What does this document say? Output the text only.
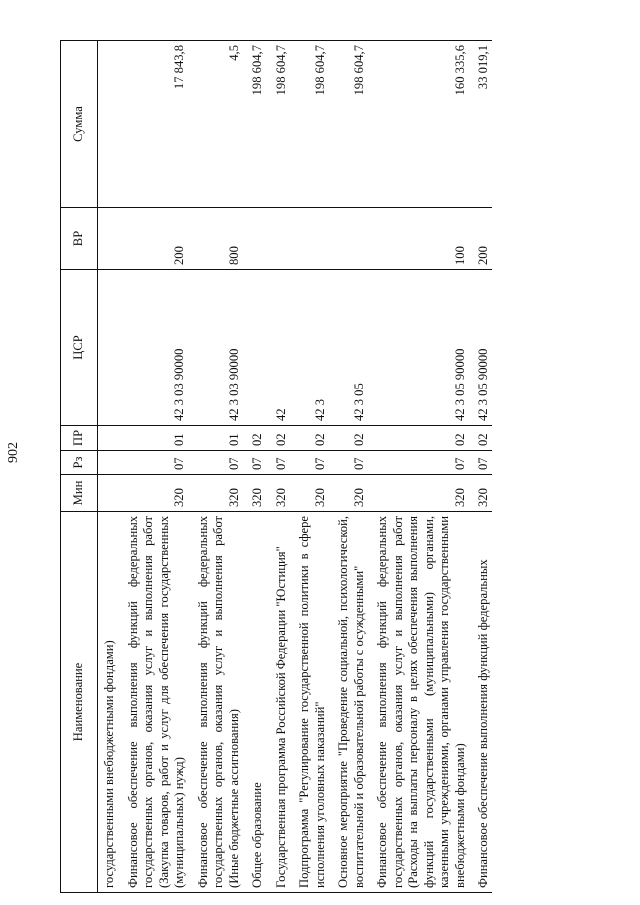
902
Наименование	Мин	Рз	ПР	ЦСР	ВР	Сумма
государственными внебюджетными фондами)						
Финансовое обеспечение выполнения функций федеральных государственных органов, оказания услуг и выполнения работ (Закупка товаров, работ и услуг для обеспечения государственных (муниципальных) нужд)	320	07	01	42 3 03 90000	200	17 843,8
Финансовое обеспечение выполнения функций федеральных государственных органов, оказания услуг и выполнения работ (Иные бюджетные ассигнования)	320	07	01	42 3 03 90000	800	4,5
Общее образование	320	07	02			198 604,7
Государственная программа Российской Федерации "Юстиция"	320	07	02	42		198 604,7
Подпрограмма "Регулирование государственной политики в сфере исполнения уголовных наказаний"	320	07	02	42 3		198 604,7
Основное мероприятие "Проведение социальной, психологической, воспитательной и образовательной работы с осужденными"	320	07	02	42 3 05		198 604,7
Финансовое обеспечение выполнения функций федеральных государственных органов, оказания услуг и выполнения работ (Расходы на выплаты персоналу в целях обеспечения выполнения функций государственными (муниципальными) органами, казенными учреждениями, органами управления государственными внебюджетными фондами)	320	07	02	42 3 05 90000	100	160 335,6
Финансовое обеспечение выполнения функций федеральных	320	07	02	42 3 05 90000	200	33 019,1
